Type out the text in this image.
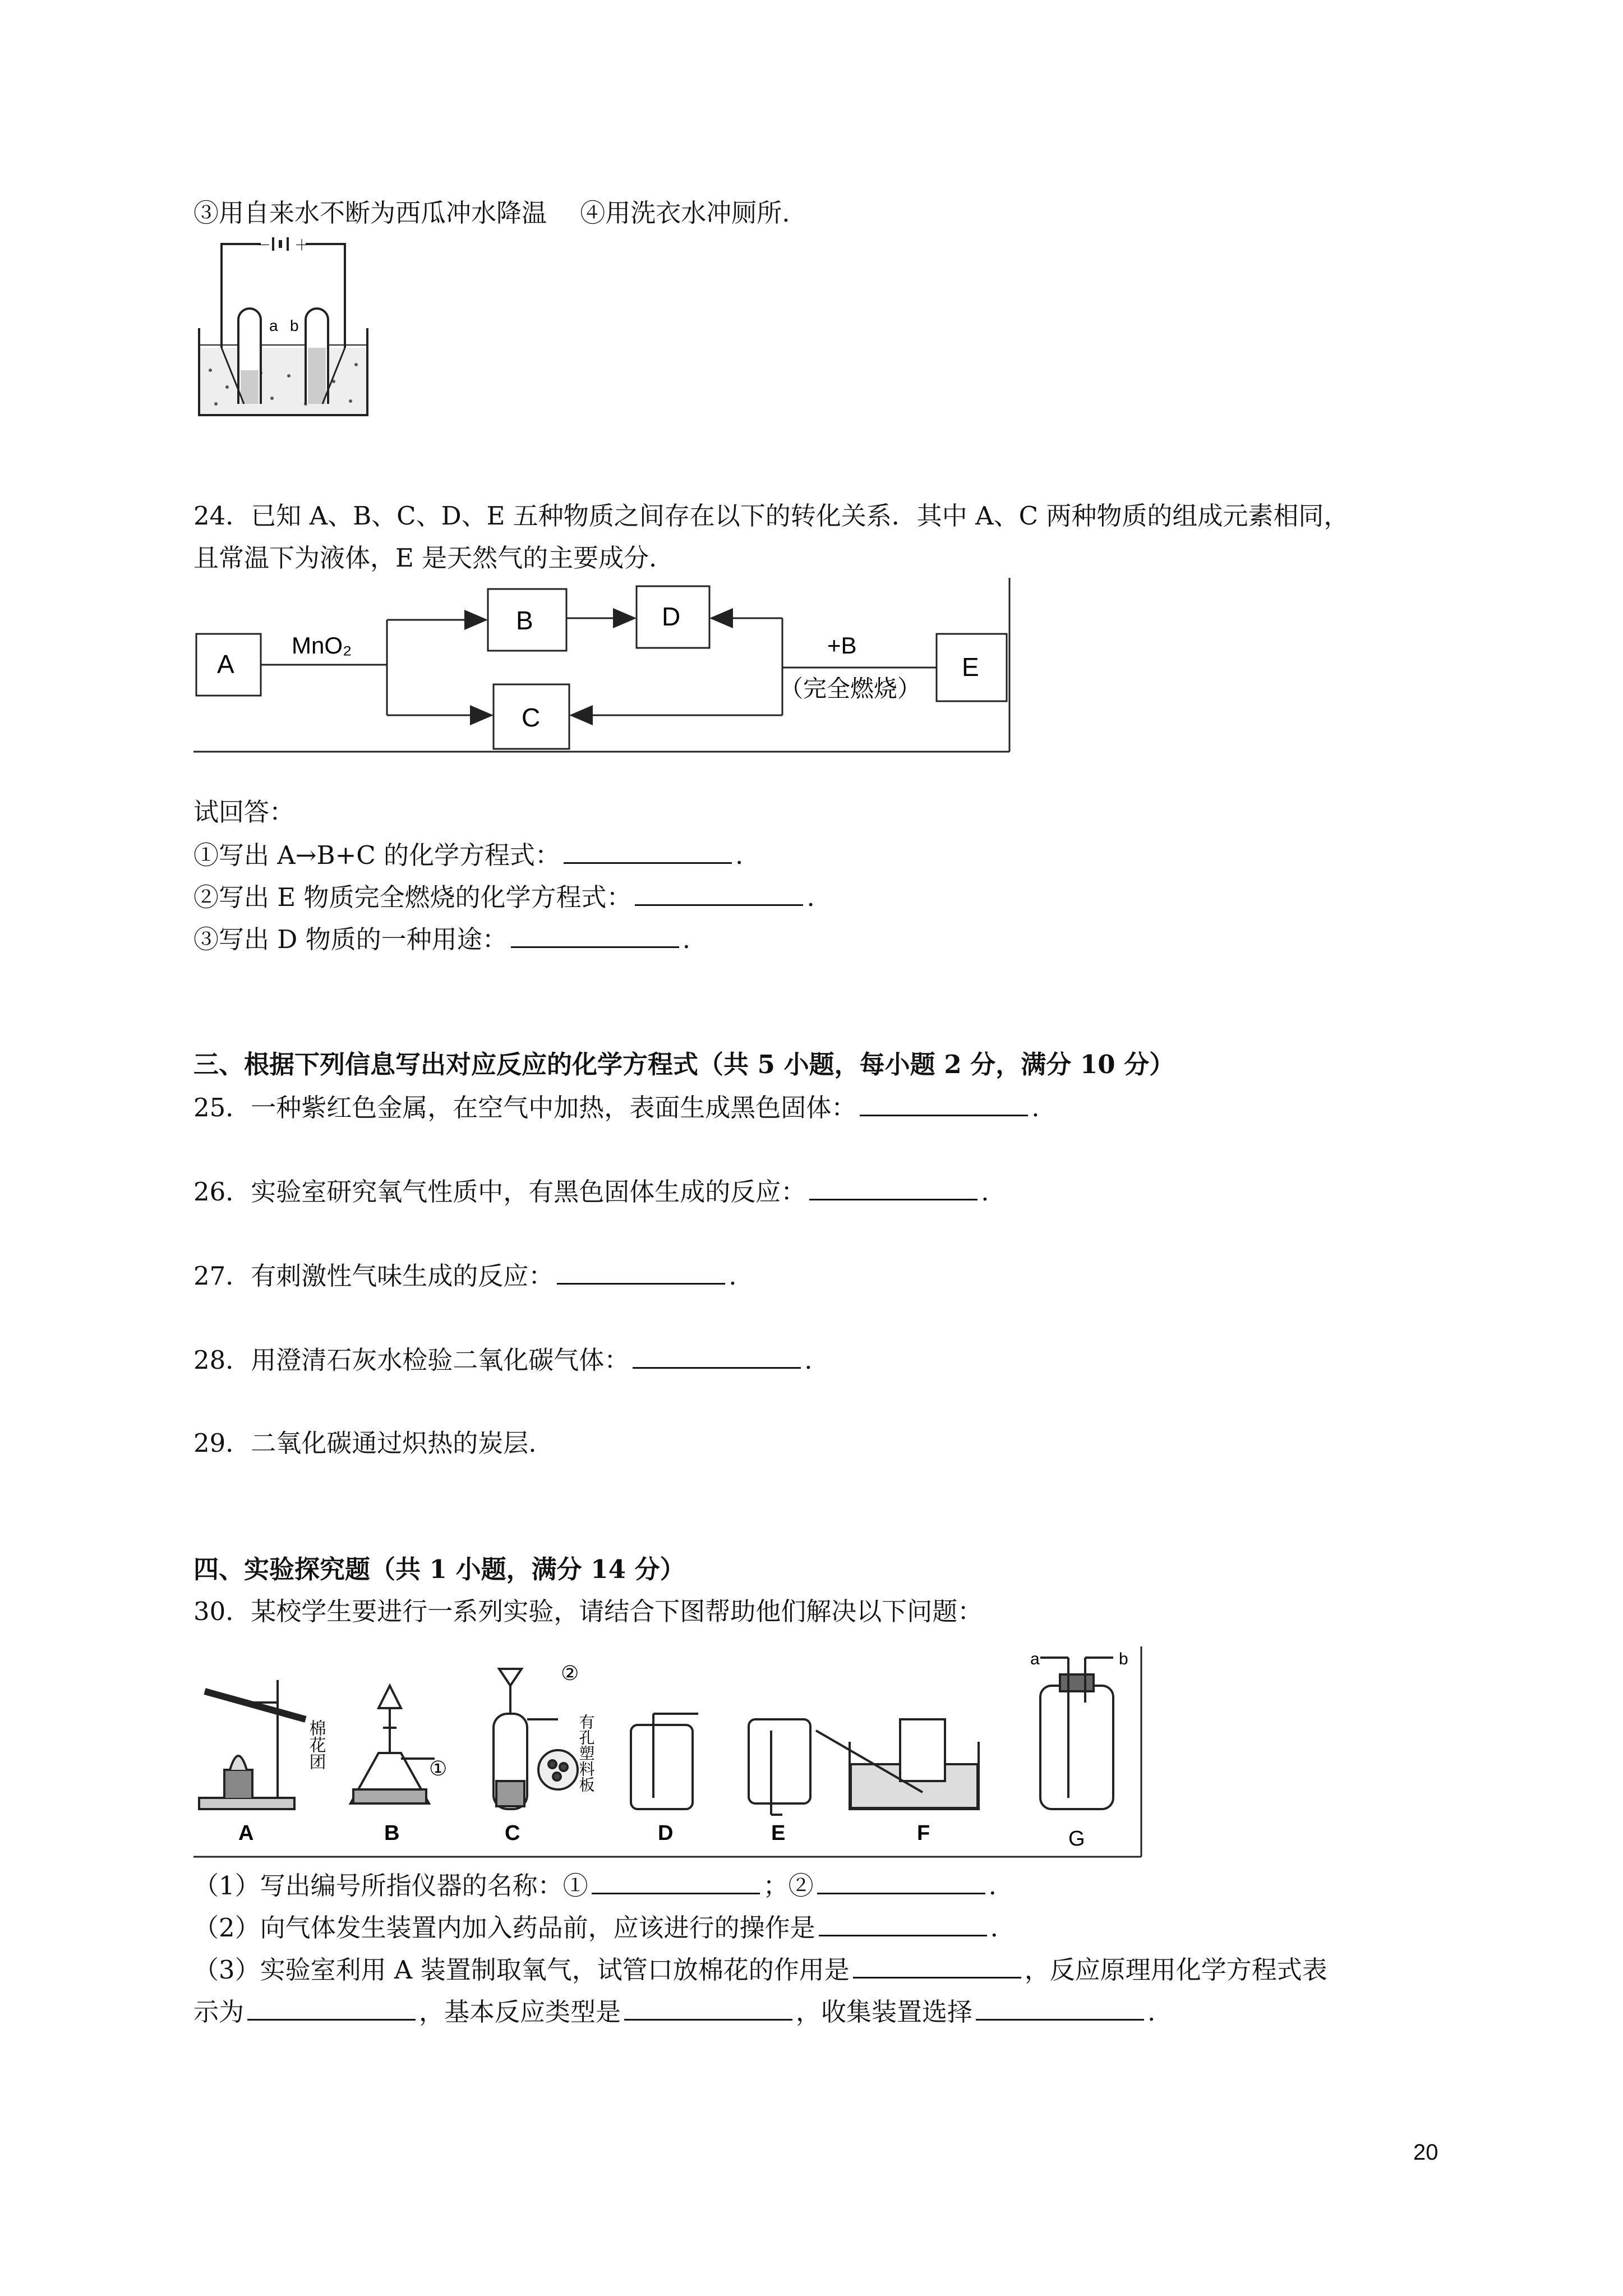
③用自来水不断为西瓜冲水降温　 ④用洗衣水冲厕所.
－ ＋
a b
24．已知 A、B、C、D、E 五种物质之间存在以下的转化关系．其中 A、C 两种物质的组成元素相同，
且常温下为液体，E 是天然气的主要成分．
A
B	D
C
E
MnO₂	+B
（完全燃烧）
试回答：
①写出 A→B+C 的化学方程式：	.
②写出 E 物质完全燃烧的化学方程式：	.
③写出 D 物质的一种用途：	.
三、根据下列信息写出对应反应的化学方程式（共 5 小题，每小题 2 分，满分 10 分）
25．一种紫红色金属，在空气中加热，表面生成黑色固体：	.
26．实验室研究氧气性质中，有黑色固体生成的反应：	.
27．有刺激性气味生成的反应：	.
28．用澄清石灰水检验二氧化碳气体：	.
29．二氧化碳通过炽热的炭层.
四、实验探究题（共 1 小题，满分 14 分）
30．某校学生要进行一系列实验，请结合下图帮助他们解决以下问题：
棉花团	①
②
有孔塑料板
a	b
A	B	C	D	E	F	G
（1）写出编号所指仪器的名称：①	；②	.
（2）向气体发生装置内加入药品前，应该进行的操作是	.
（3）实验室利用 A 装置制取氧气，试管口放棉花的作用是	，反应原理用化学方程式表
示为	，基本反应类型是	，收集装置选择	.
20
